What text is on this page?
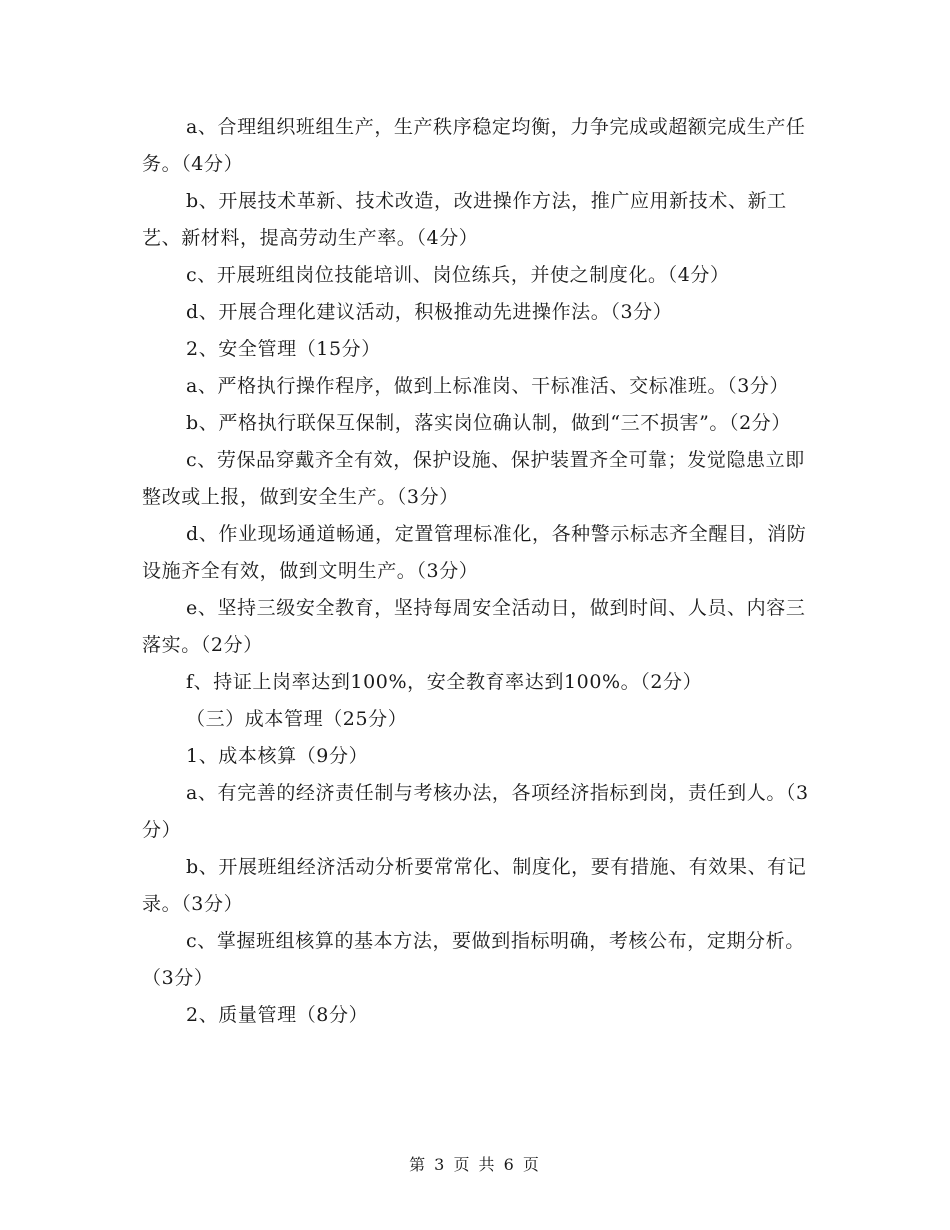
a、合理组织班组生产，生产秩序稳定均衡，力争完成或超额完成生产任务。（4分）

b、开展技术革新、技术改造，改进操作方法，推广应用新技术、新工艺、新材料，提高劳动生产率。（4分）

c、开展班组岗位技能培训、岗位练兵，并使之制度化。（4分）

d、开展合理化建议活动，积极推动先进操作法。（3分）

2、安全管理（15分）

a、严格执行操作程序，做到上标准岗、干标准活、交标准班。（3分）

b、严格执行联保互保制，落实岗位确认制，做到“三不损害”。（2分）

c、劳保品穿戴齐全有效，保护设施、保护装置齐全可靠；发觉隐患立即整改或上报，做到安全生产。（3分）

d、作业现场通道畅通，定置管理标准化，各种警示标志齐全醒目，消防设施齐全有效，做到文明生产。（3分）

e、坚持三级安全教育，坚持每周安全活动日，做到时间、人员、内容三落实。（2分）

f、持证上岗率达到100%，安全教育率达到100%。（2分）

（三）成本管理（25分）

1、成本核算（9分）

a、有完善的经济责任制与考核办法，各项经济指标到岗，责任到人。（3分）

b、开展班组经济活动分析要常常化、制度化，要有措施、有效果、有记录。（3分）

c、掌握班组核算的基本方法，要做到指标明确，考核公布，定期分析。（3分）

2、质量管理（8分）

第 3 页 共 6 页
